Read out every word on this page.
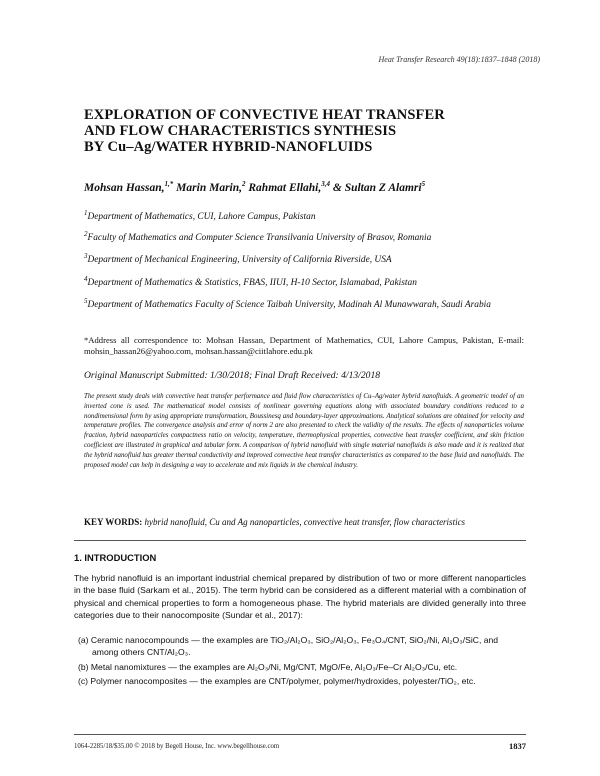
Heat Transfer Research 49(18):1837–1848 (2018)
EXPLORATION OF CONVECTIVE HEAT TRANSFER
AND FLOW CHARACTERISTICS SYNTHESIS
BY Cu–Ag/WATER HYBRID-NANOFLUIDS
Mohsan Hassan,$^{1,*}$ Marin Marin,$^2$ Rahmat Ellahi,$^{3,4}$ & Sultan Z Alamri$^5$
$^1$Department of Mathematics, CUI, Lahore Campus, Pakistan
$^2$Faculty of Mathematics and Computer Science Transilvania University of Brasov, Romania
$^3$Department of Mechanical Engineering, University of California Riverside, USA
$^4$Department of Mathematics & Statistics, FBAS, IIUI, H-10 Sector, Islamabad, Pakistan
$^5$Department of Mathematics Faculty of Science Taibah University, Madinah Al Munawwarah, Saudi Arabia
*Address all correspondence to: Mohsan Hassan, Department of Mathematics, CUI, Lahore Campus, Pakistan, E-mail: mohsin_hassan26@yahoo.com, mohsan.hassan@ciitlahore.edu.pk
Original Manuscript Submitted: 1/30/2018; Final Draft Received: 4/13/2018
The present study deals with convective heat transfer performance and fluid flow characteristics of Cu–Ag/water hybrid nanofluids. A geometric model of an inverted cone is used. The mathematical model consists of nonlinear governing equations along with associated boundary conditions reduced to a nondimensional form by using appropriate transformation, Boussinesq and boundary-layer approximations. Analytical solutions are obtained for velocity and temperature profiles. The convergence analysis and error of norm 2 are also presented to check the validity of the results. The effects of nanoparticles volume fraction, hybrid nanoparticles compactness ratio on velocity, temperature, thermophysical properties, convective heat transfer coefficient, and skin friction coefficient are illustrated in graphical and tabular form. A comparison of hybrid nanofluid with single material nanofluids is also made and it is realized that the hybrid nanofluid has greater thermal conductivity and improved convective heat transfer characteristics as compared to the base fluid and nanofluids. The proposed model can help in designing a way to accelerate and mix liquids in the chemical industry.
KEY WORDS: hybrid nanofluid, Cu and Ag nanoparticles, convective heat transfer, flow characteristics
1. INTRODUCTION
The hybrid nanofluid is an important industrial chemical prepared by distribution of two or more different nanoparticles in the base fluid (Sarkam et al., 2015). The term hybrid can be considered as a different material with a combination of physical and chemical properties to form a homogeneous phase. The hybrid materials are divided generally into three categories due to their nanocomposite (Sundar et al., 2017):
(a) Ceramic nanocompounds — the examples are TiO₂/Al₂O₃, SiO₂/Al₂O₃, Fe₃O₄/CNT, SiO₂/Ni, Al₂O₃/SiC, and
among others CNT/Al₂O₃.
(b) Metal nanomixtures — the examples are Al₂O₃/Ni, Mg/CNT, MgO/Fe, Al₂O₃/Fe–Cr Al₂O₃/Cu, etc.
(c) Polymer nanocomposites — the examples are CNT/polymer, polymer/hydroxides, polyester/TiO₂, etc.
1064-2285/18/$35.00 © 2018 by Begell House, Inc. www.begellhouse.com	1837
